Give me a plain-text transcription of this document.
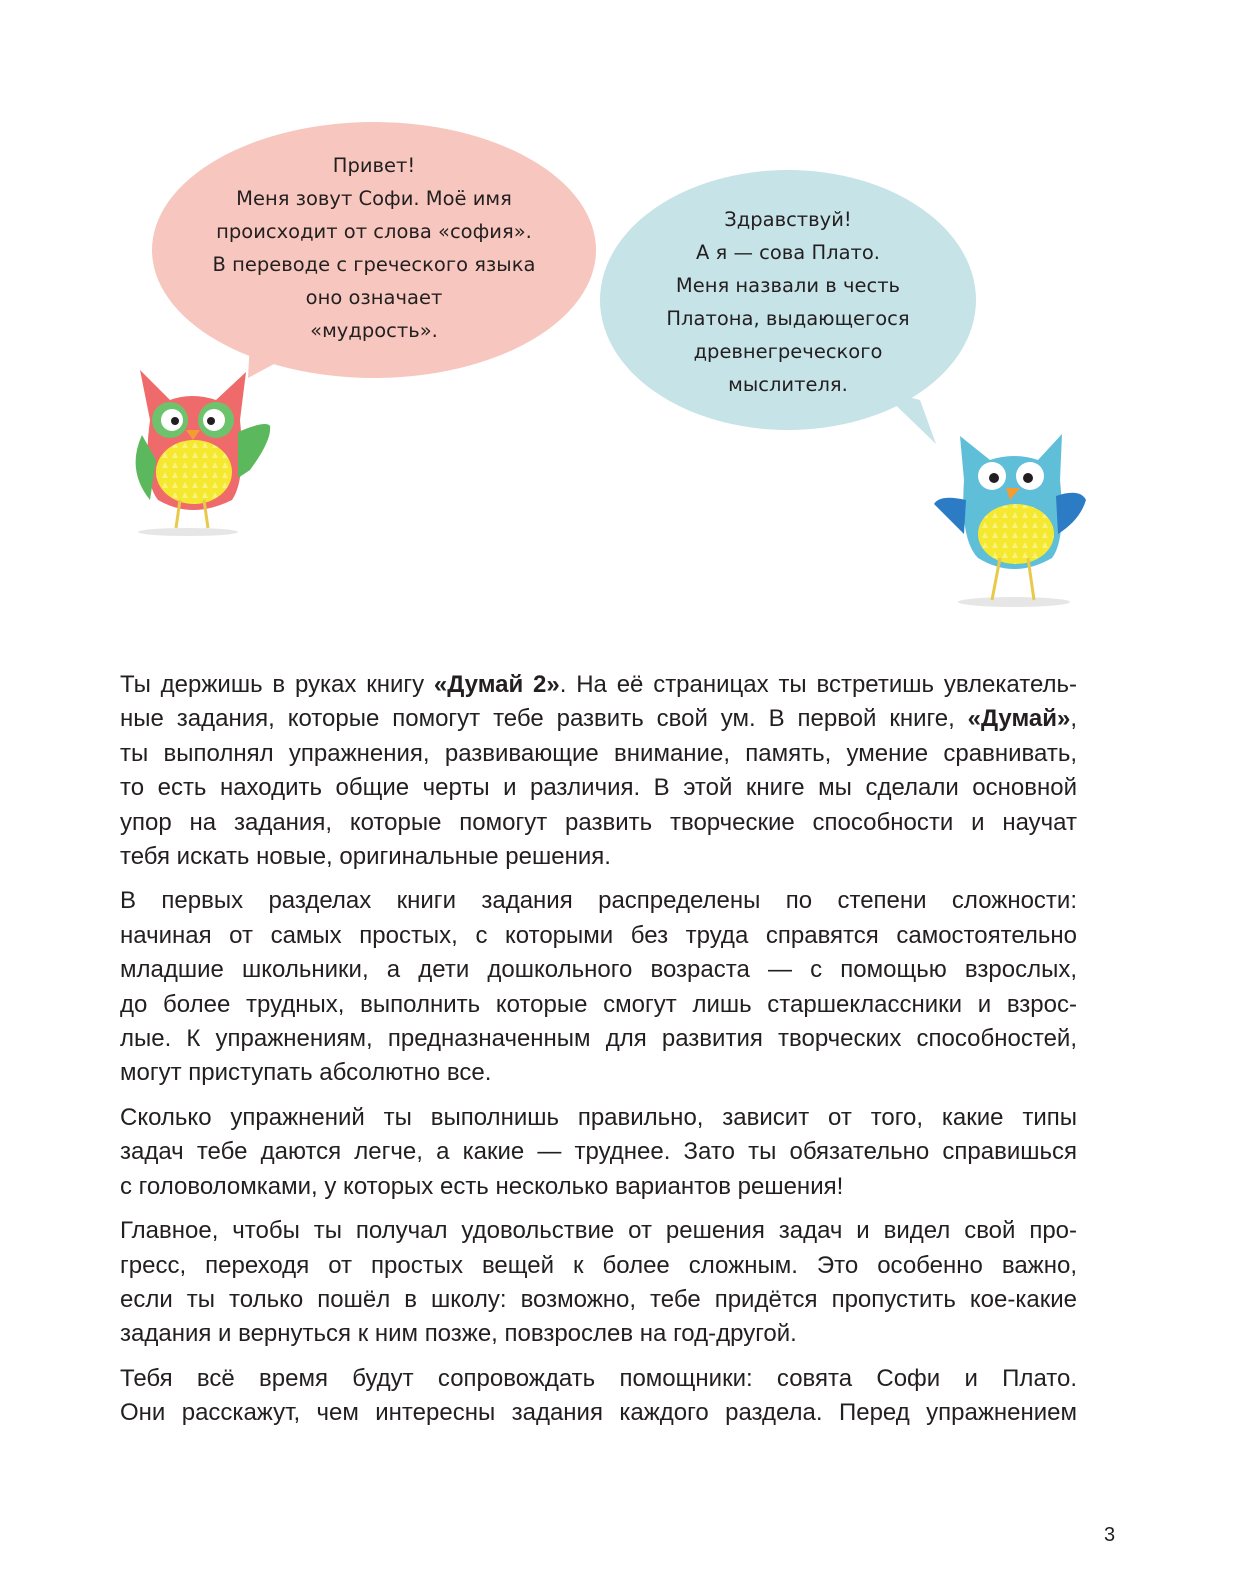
Привет!
Меня зовут Софи. Моё имя
происходит от слова «софия».
В переводе с греческого языка
оно означает
«мудрость».
Здравствуй!
А я — сова Плато.
Меня назвали в честь
Платона, выдающегося
древнегреческого
мыслителя.

Ты держишь в руках книгу «Думай 2». На её страницах ты встретишь увлекатель-
ные задания, которые помогут тебе развить свой ум. В первой книге, «Думай»,
ты выполнял упражнения, развивающие внимание, память, умение сравнивать,
то есть находить общие черты и различия. В этой книге мы сделали основной
упор на задания, которые помогут развить творческие способности и научат
тебя искать новые, оригинальные решения.

В первых разделах книги задания распределены по степени сложности:
начиная от самых простых, с которыми без труда справятся самостоятельно
младшие школьники, а дети дошкольного возраста — с помощью взрослых,
до более трудных, выполнить которые смогут лишь старшеклассники и взрос-
лые. К упражнениям, предназначенным для развития творческих способностей,
могут приступать абсолютно все.

Сколько упражнений ты выполнишь правильно, зависит от того, какие типы
задач тебе даются легче, а какие — труднее. Зато ты обязательно справишься
с головоломками, у которых есть несколько вариантов решения!

Главное, чтобы ты получал удовольствие от решения задач и видел свой про-
гресс, переходя от простых вещей к более сложным. Это особенно важно,
если ты только пошёл в школу: возможно, тебе придётся пропустить кое-какие
задания и вернуться к ним позже, повзрослев на год-другой.

Тебя всё время будут сопровождать помощники: совята Софи и Плато.
Они расскажут, чем интересны задания каждого раздела. Перед упражнением

3
